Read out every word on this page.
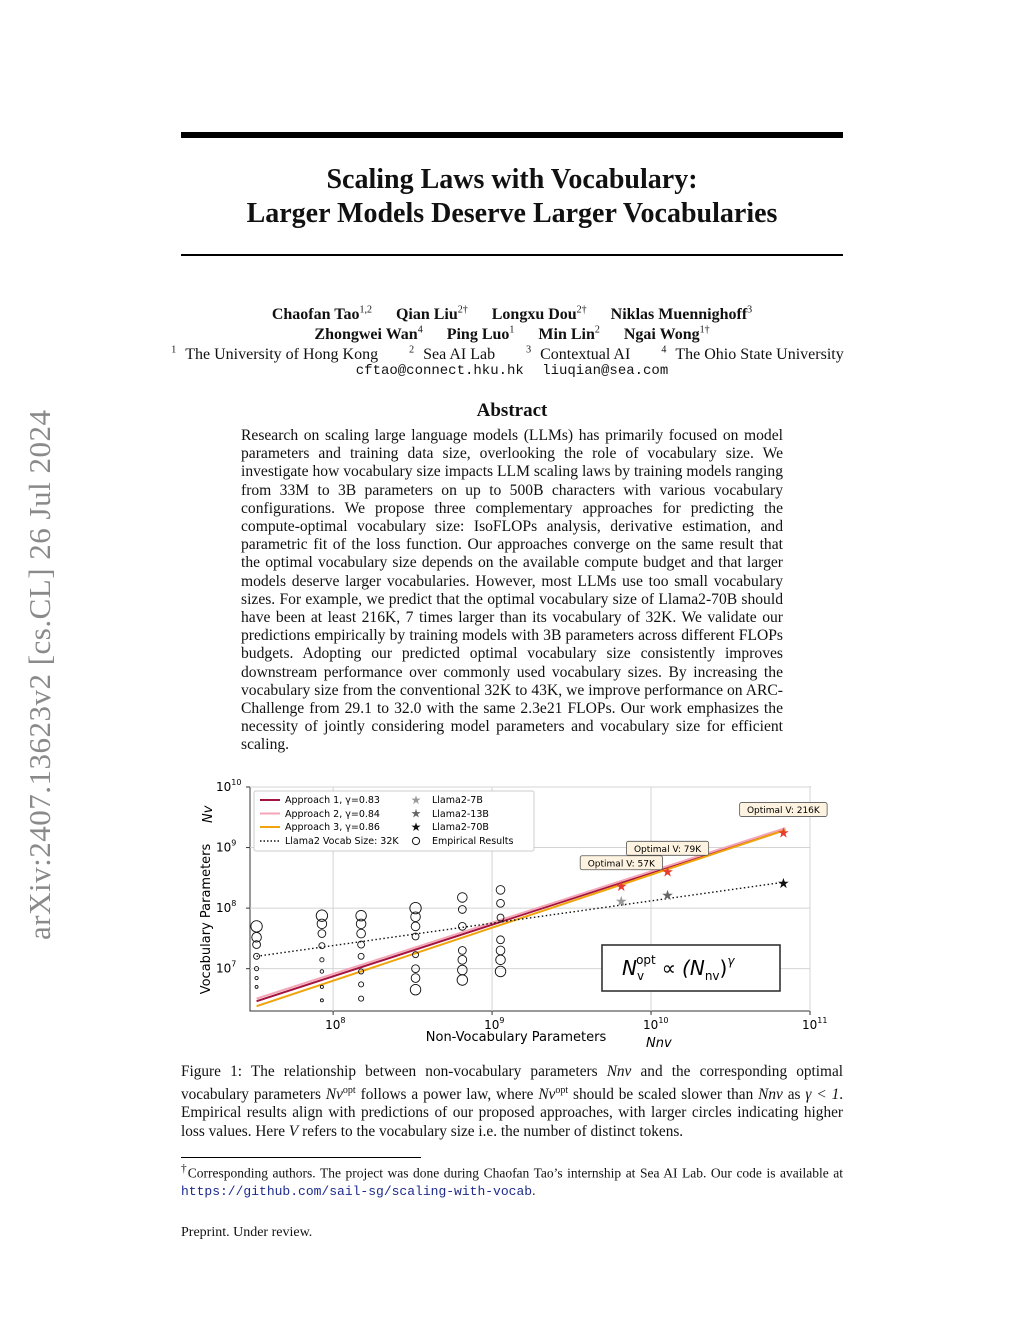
arXiv:2407.13623v2 [cs.CL] 26 Jul 2024
Scaling Laws with Vocabulary:
Larger Models Deserve Larger Vocabularies
Chaofan Tao$^{1,2}$ Qian Liu$^{2\dagger}$ Longxu Dou$^{2\dagger}$ Niklas Muennighoff$^3$
Zhongwei Wan$^4$ Ping Luo$^1$ Min Lin$^2$ Ngai Wong$^{1\dagger}$
$^1$ The University of Hong Kong	$^2$ Sea AI Lab	$^3$ Contextual AI	$^4$ The Ohio State University
cftao@connect.hku.hk liuqian@sea.com
Abstract

Research on scaling large language models (LLMs) has primarily focused on model parameters and training data size, overlooking the role of vocabulary size. We investigate how vocabulary size impacts LLM scaling laws by training models ranging from 33M to 3B parameters on up to 500B characters with various vocabulary configurations. We propose three complementary approaches for predicting the compute-optimal vocabulary size: IsoFLOPs analysis, derivative estimation, and parametric fit of the loss function. Our approaches converge on the same result that the optimal vocabulary size depends on the available compute budget and that larger models deserve larger vocabularies. However, most LLMs use too small vocabulary sizes. For example, we predict that the optimal vocabulary size of Llama2-70B should have been at least 216K, 7 times larger than its vocabulary of 32K. We validate our predictions empirically by training models with 3B parameters across different FLOPs budgets. Adopting our predicted optimal vocabulary size consistently improves downstream performance over commonly used vocabulary sizes. By increasing the vocabulary size from the conventional 32K to 43K, we improve performance on ARC-Challenge from 29.1 to 32.0 with the same 2.3e21 FLOPs. Our work emphasizes the necessity of jointly considering model parameters and vocabulary size for efficient scaling.

$10^8$	$10^9$	$10^{10}$	$10^{11}$
$10^7$
$10^8$
$10^9$
$10^{10}$
★ ★
★
★
Optimal V: 57K
★
Optimal V: 79K
★
Optimal V: 216K
Approach 1, γ=0.83
Approach 2, γ=0.84
Approach 3, γ=0.86
Llama2 Vocab Size: 32K
★ Llama2-7B
★ Llama2-13B
★ Llama2-70B
Empirical Results
$N_vopt \propto (N_{nv})^\gamma$
Non-Vocabulary Parameters	Nnv
Vocabulary Parameters
Nv

Figure 1: The relationship between non-vocabulary parameters Nnv and the corresponding optimal vocabulary parameters $Nv^{opt}$ follows a power law, where $Nv^{opt}$ should be scaled slower than Nnv as γ < 1. Empirical results align with predictions of our proposed approaches, with larger circles indicating higher loss values. Here V refers to the vocabulary size i.e. the number of distinct tokens.

†Corresponding authors. The project was done during Chaofan Tao’s internship at Sea AI Lab. Our code is available at https://github.com/sail-sg/scaling-with-vocab.

Preprint. Under review.
